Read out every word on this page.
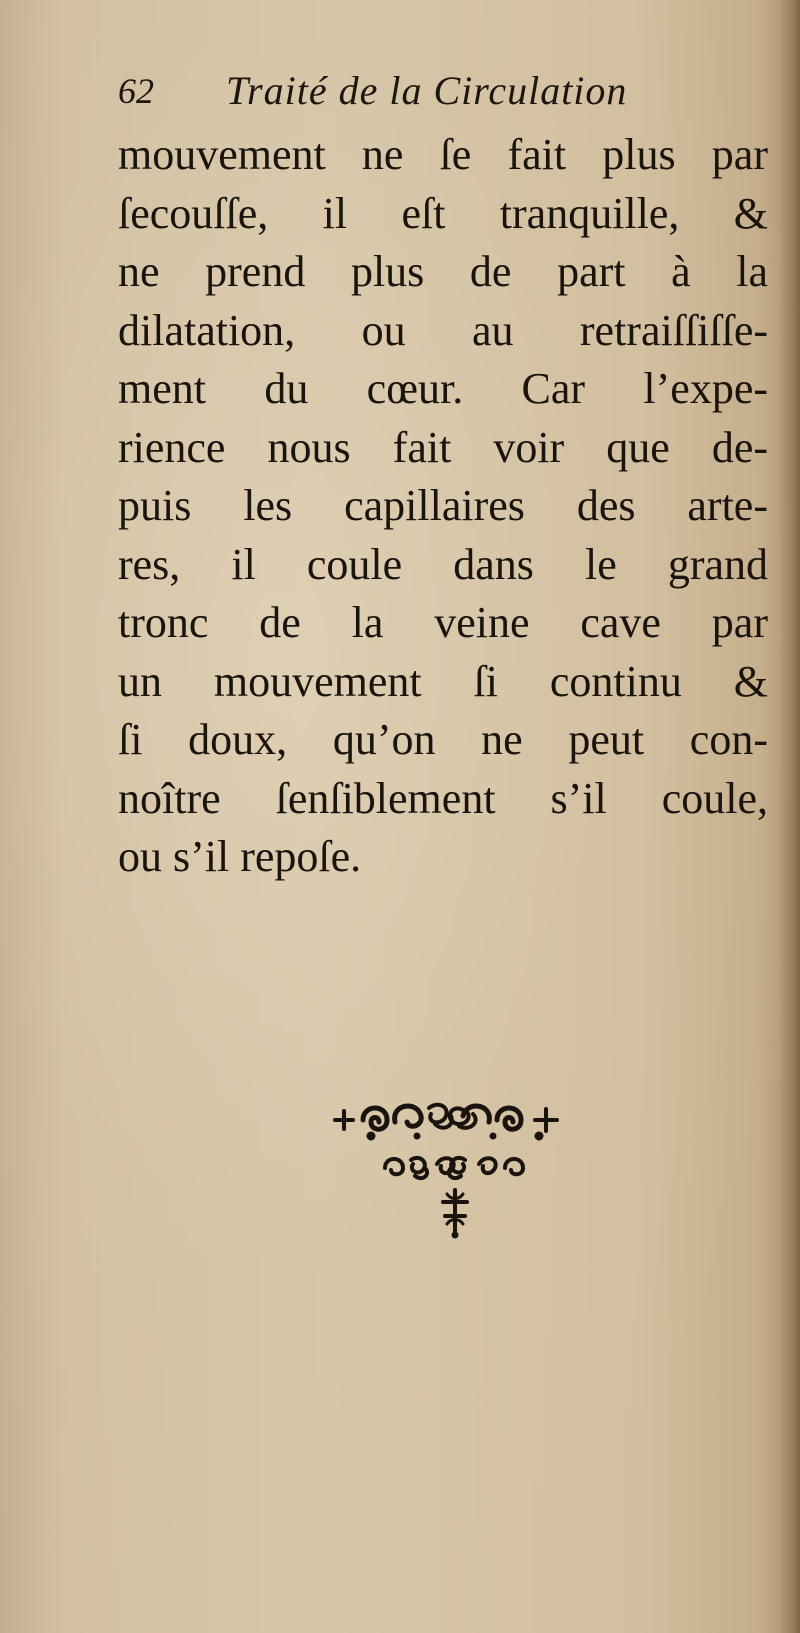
62 Traité de la Circulation
mouvement ne ſe fait plus par
ſecouſſe, il eſt tranquille, &
ne prend plus de part à la
dilatation, ou au retraiſſiſſe-
ment du cœur. Car l’expe-
rience nous fait voir que de-
puis les capillaires des arte-
res, il coule dans le grand
tronc de la veine cave par
un mouvement ſi continu &
ſi doux, qu’on ne peut con-
noître ſenſiblement s’il coule,
ou s’il repoſe.
